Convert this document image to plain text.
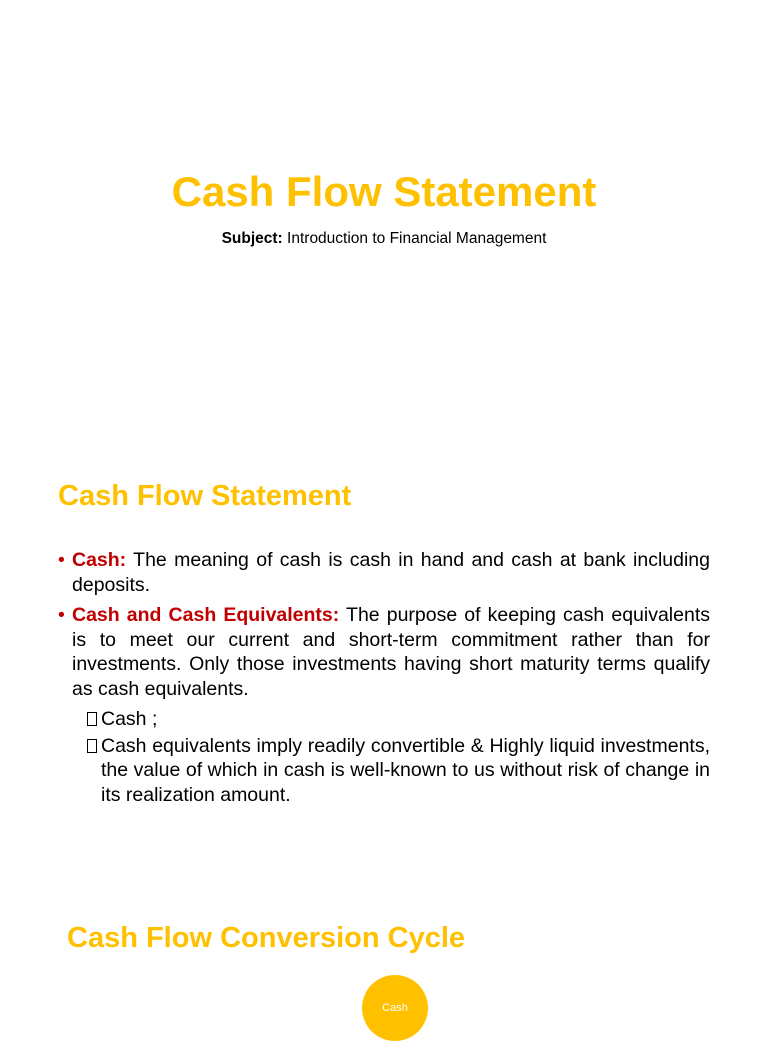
Cash Flow Statement
Subject: Introduction to Financial Management
Cash Flow Statement
• Cash: The meaning of cash is cash in hand and cash at bank including deposits.
• Cash and Cash Equivalents: The purpose of keeping cash equivalents is to meet our current and short-term commitment rather than for investments. Only those investments having short maturity terms qualify as cash equivalents.
Cash ;
Cash equivalents imply readily convertible & Highly liquid investments, the value of which in cash is well-known to us without risk of change in its realization amount.
Cash Flow Conversion Cycle
Cash
